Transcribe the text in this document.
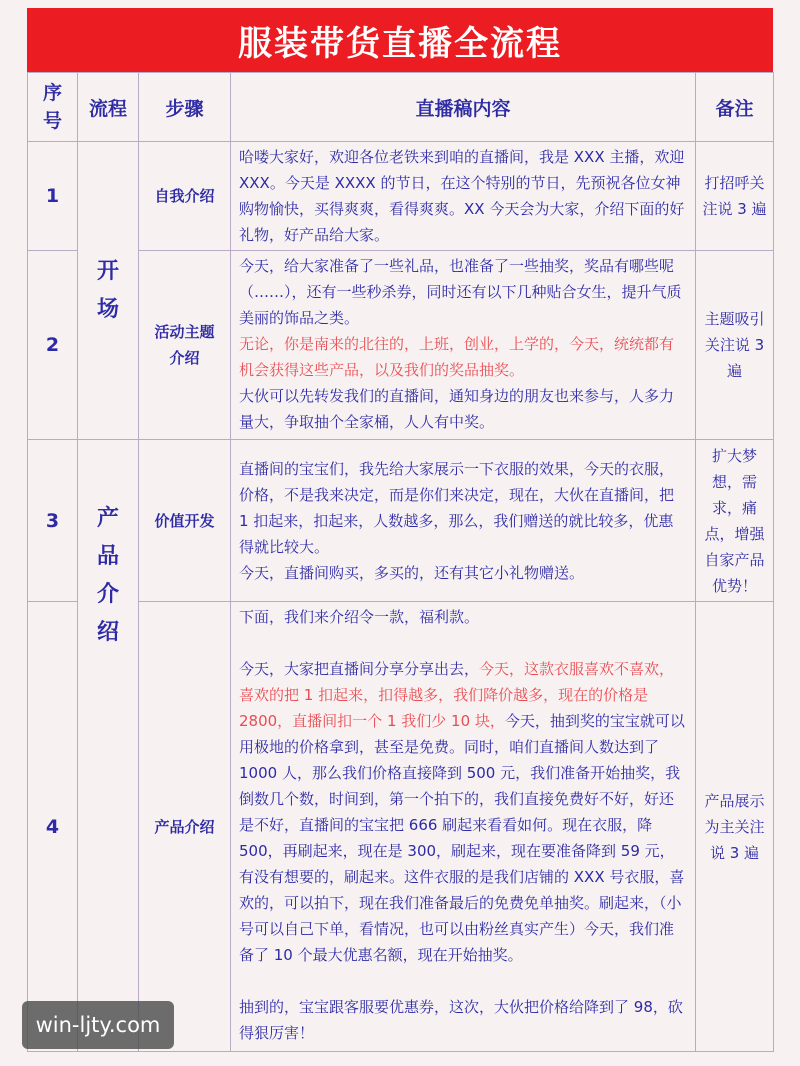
服装带货直播全流程
序号	流程	步骤	直播稿内容	备注
1	开场	自我介绍	哈喽大家好，欢迎各位老铁来到咱的直播间，我是 XXX 主播，欢迎 XXX。今天是 XXXX 的节日，在这个特别的节日，先预祝各位女神购物愉快，买得爽爽，看得爽爽。XX 今天会为大家，介绍下面的好礼物，好产品给大家。	打招呼关注说 3 遍
2		活动主题介绍	今天，给大家准备了一些礼品，也准备了一些抽奖，奖品有哪些呢（……），还有一些秒杀券，同时还有以下几种贴合女生，提升气质美丽的饰品之类。

无论，你是南来的北往的，上班，创业，上学的，今天，统统都有机会获得这些产品，以及我们的奖品抽奖。

大伙可以先转发我们的直播间，通知身边的朋友也来参与，人多力量大，争取抽个全家桶，人人有中奖。	主题吸引关注说 3 遍
3	产品介绍	价值开发	直播间的宝宝们，我先给大家展示一下衣服的效果，今天的衣服，价格，不是我来决定，而是你们来决定，现在，大伙在直播间，把 1 扣起来，扣起来，人数越多，那么，我们赠送的就比较多，优惠得就比较大。

今天，直播间购买，多买的，还有其它小礼物赠送。	扩大梦想，需求，痛点，增强自家产品优势！
4		产品介绍	下面，我们来介绍令一款，福利款。

今天，大家把直播间分享分享出去，今天，这款衣服喜欢不喜欢，喜欢的把 1 扣起来，扣得越多，我们降价越多，现在的价格是 2800，直播间扣一个 1 我们少 10 块，今天，抽到奖的宝宝就可以用极地的价格拿到，甚至是免费。同时，咱们直播间人数达到了 1000 人，那么我们价格直接降到 500 元，我们准备开始抽奖，我倒数几个数，时间到，第一个拍下的，我们直接免费好不好，好还是不好，直播间的宝宝把 666 刷起来看看如何。现在衣服，降 500，再刷起来，现在是 300，刷起来，现在要准备降到 59 元，有没有想要的，刷起来。这件衣服的是我们店铺的 XXX 号衣服，喜欢的，可以拍下，现在我们准备最后的免费免单抽奖。刷起来，（小号可以自己下单，看情况，也可以由粉丝真实产生）今天，我们准备了 10 个最大优惠名额，现在开始抽奖。

抽到的，宝宝跟客服要优惠券，这次，大伙把价格给降到了 98，砍得狠厉害！	产品展示为主关注说 3 遍
win-ljty.com
